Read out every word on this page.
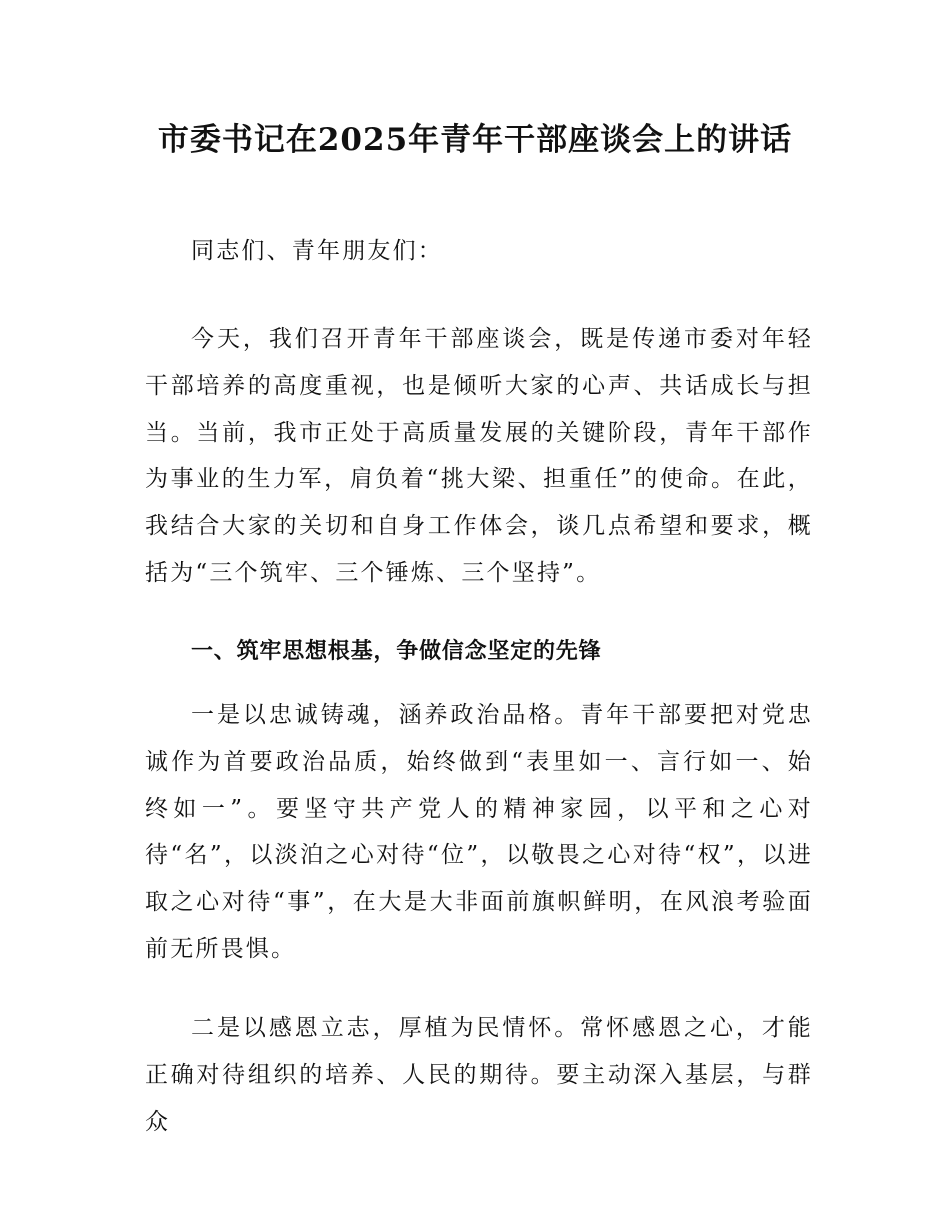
市委书记在2025年青年干部座谈会上的讲话

同志们、青年朋友们：

今天，我们召开青年干部座谈会，既是传递市委对年轻干部培养的高度重视，也是倾听大家的心声、共话成长与担当。当前，我市正处于高质量发展的关键阶段，青年干部作为事业的生力军，肩负着“挑大梁、担重任”的使命。在此，我结合大家的关切和自身工作体会，谈几点希望和要求，概括为“三个筑牢、三个锤炼、三个坚持”。

一、筑牢思想根基，争做信念坚定的先锋

一是以忠诚铸魂，涵养政治品格。青年干部要把对党忠诚作为首要政治品质，始终做到“表里如一、言行如一、始终如一”。要坚守共产党人的精神家园，以平和之心对待“名”，以淡泊之心对待“位”，以敬畏之心对待“权”，以进取之心对待“事”，在大是大非面前旗帜鲜明，在风浪考验面前无所畏惧。

二是以感恩立志，厚植为民情怀。常怀感恩之心，才能正确对待组织的培养、人民的期待。要主动深入基层，与群众
